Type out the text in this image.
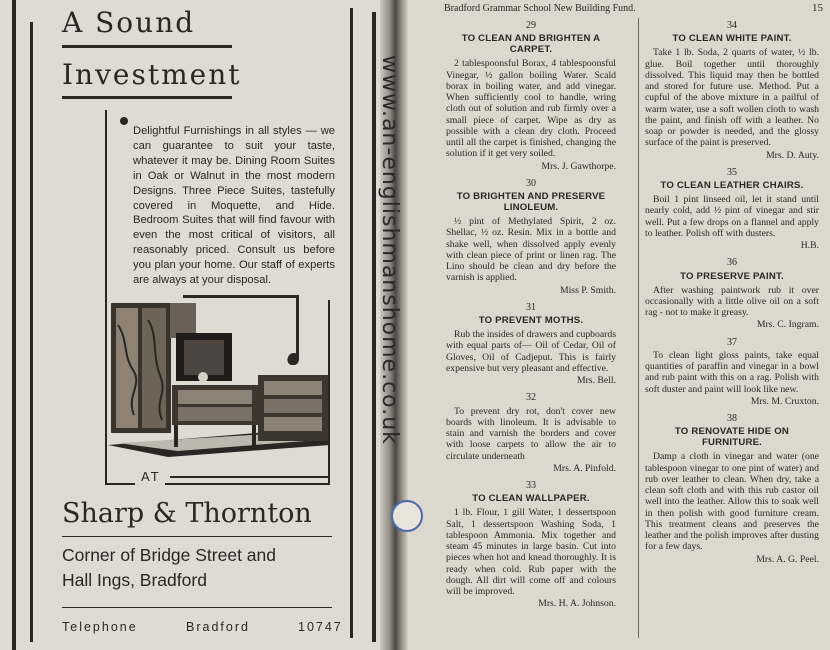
A Sound
Investment
Delightful Furnishings in all styles — we can guarantee to suit your taste, whatever it may be. Dining Room Suites in Oak or Walnut in the most modern Designs. Three Piece Suites, tastefully covered in Moquette, and Hide. Bedroom Suites that will find favour with even the most critical of visitors, all reasonably priced. Consult us before you plan your home. Our staff of experts are always at your disposal.
AT
Sharp & Thornton
Corner of Bridge Street and
Hall Ings, Bradford
Telephone	Bradford	10747
Bradford Grammar School New Building Fund.	15
29
TO CLEAN AND BRIGHTEN A CARPET.
2 tablespoonsful Borax, 4 tablespoonsful Vinegar, ½ gallon boiling Water. Scald borax in boiling water, and add vinegar. When sufficiently cool to handle, wring cloth out of solution and rub firmly over a small piece of carpet. Wipe as dry as possible with a clean dry cloth. Proceed until all the carpet is finished, changing the solution if it get very soiled.
Mrs. J. Gawthorpe.
30
TO BRIGHTEN AND PRESERVE LINOLEUM.
½ pint of Methylated Spirit, 2 oz. Shellac, ½ oz. Resin. Mix in a bottle and shake well, when dissolved apply evenly with clean piece of print or linen rag. The Lino should be clean and dry before the varnish is applied.
Miss P. Smith.
31
TO PREVENT MOTHS.
Rub the insides of drawers and cupboards with equal parts of— Oil of Cedar, Oil of Gloves, Oil of Cadjeput. This is fairly expensive but very pleasant and effective.
Mrs. Bell.
32
To prevent dry rot, don't cover new boards with linoleum. It is advisable to stain and varnish the borders and cover with loose carpets to allow the air to circulate underneath
Mrs. A. Pinfold.
33
TO CLEAN WALLPAPER.
1 lb. Flour, 1 gill Water, 1 dessertspoon Salt, 1 dessertspoon Washing Soda, 1 tablespoon Ammonia. Mix together and steam 45 minutes in large basin. Cut into pieces when hot and knead thoroughly. It is ready when cold. Rub paper with the dough. All dirt will come off and colours will be improved.
Mrs. H. A. Johnson.
34
TO CLEAN WHITE PAINT.
Take 1 lb. Soda, 2 quarts of water, ½ lb. glue. Boil together until thoroughly dissolved. This liquid may then be bottled and stored for future use. Method. Put a cupful of the above mixture in a pailful of warm water, use a soft wollen cloth to wash the paint, and finish off with a leather. No soap or powder is needed, and the glossy surface of the paint is preserved.
Mrs. D. Auty.
35
TO CLEAN LEATHER CHAIRS.
Boil 1 pint linseed oil, let it stand until nearly cold, add ½ pint of vinegar and stir well. Put a few drops on a flannel and apply to leather. Polish off with dusters.
H.B.
36
TO PRESERVE PAINT.
After washing paintwork rub it over occasionally with a little olive oil on a soft rag - not to make it greasy.
Mrs. C. Ingram.
37
To clean light gloss paints, take equal quantities of paraffin and vinegar in a bowl and rub paint with this on a rag. Polish with soft duster and paint will look like new.
Mrs. M. Cruxton.
38
TO RENOVATE HIDE ON FURNITURE.
Damp a cloth in vinegar and water (one tablespoon vinegar to one pint of water) and rub over leather to clean. When dry, take a clean soft cloth and with this rub castor oil well into the leather. Allow this to soak well in then polish with good furniture cream. This treatment cleans and preserves the leather and the polish improves after dusting for a few days.
Mrs. A. G. Peel.
www.an-englishmanshome.co.uk
